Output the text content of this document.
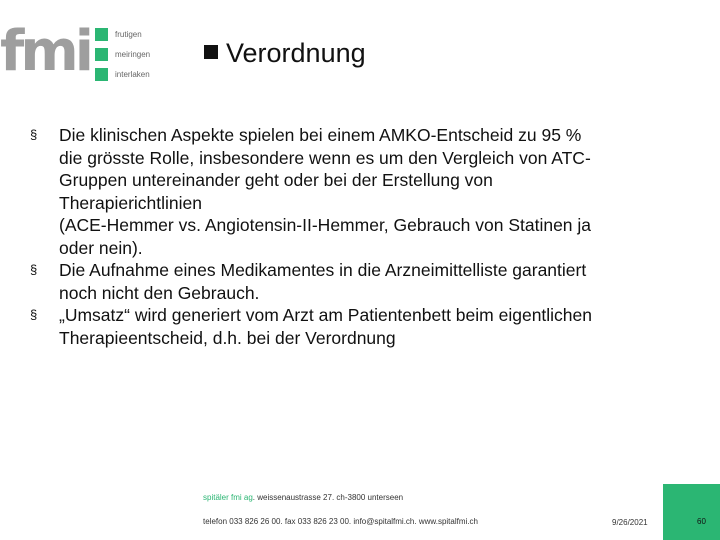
fmi	frutigen
meiringen
interlaken
Verordnung
§ Die klinischen Aspekte spielen bei einem AMKO-Entscheid zu 95 %
die grösste Rolle, insbesondere wenn es um den Vergleich von ATC-
Gruppen untereinander geht oder bei der Erstellung von
Therapierichtlinien
(ACE-Hemmer vs. Angiotensin-II-Hemmer, Gebrauch von Statinen ja
oder nein).
§ Die Aufnahme eines Medikamentes in die Arzneimittelliste garantiert
noch nicht den Gebrauch.
§ „Umsatz“ wird generiert vom Arzt am Patientenbett beim eigentlichen
Therapieentscheid, d.h. bei der Verordnung
spitäler fmi ag. weissenaustrasse 27. ch-3800 unterseen
telefon 033 826 26 00. fax 033 826 23 00. info@spitalfmi.ch. www.spitalfmi.ch	9/26/2021	60
